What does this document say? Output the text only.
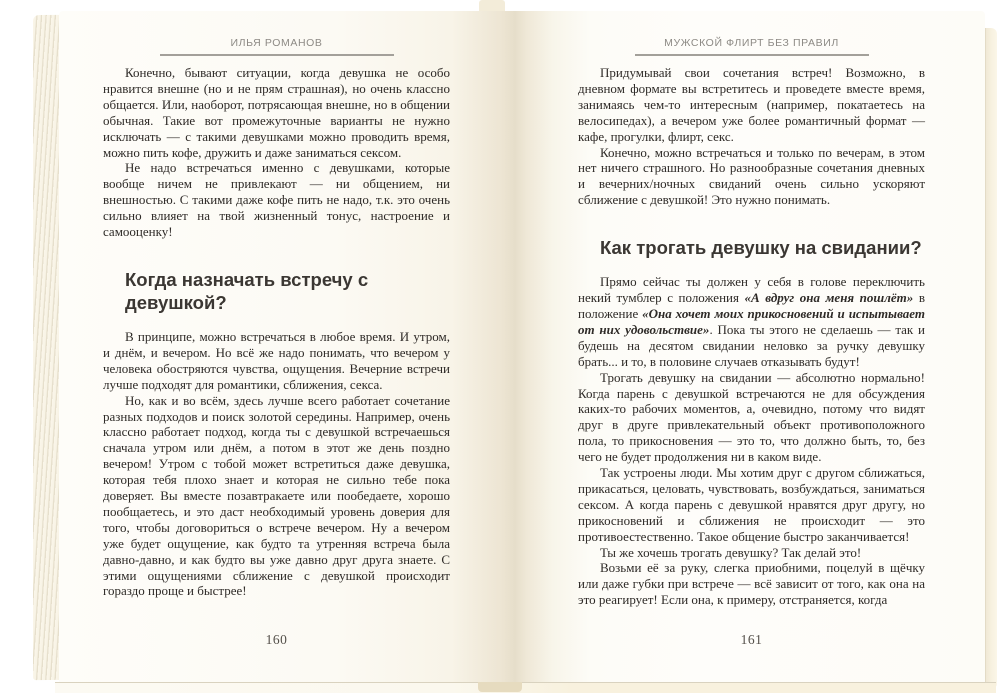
ИЛЬЯ РОМАНОВ

Конечно, бывают ситуации, когда девушка не особо нравится внешне (но и не прям страшная), но очень классно общается. Или, наоборот, потрясающая внешне, но в общении обычная. Такие вот промежуточные варианты не нужно исключать — с такими девушками можно проводить время, можно пить кофе, дружить и даже заниматься сексом.

Не надо встречаться именно с девушками, которые вообще ничем не привлекают — ни общением, ни внешностью. С такими даже кофе пить не надо, т.к. это очень сильно влияет на твой жизненный тонус, настроение и самооценку!

Когда назначать встречу с девушкой?

В принципе, можно встречаться в любое время. И утром, и днём, и вечером. Но всё же надо понимать, что вечером у человека обостряются чувства, ощущения. Вечерние встречи лучше подходят для романтики, сближения, секса.

Но, как и во всём, здесь лучше всего работает сочетание разных подходов и поиск золотой середины. Например, очень классно работает подход, когда ты с девушкой встречаешься сначала утром или днём, а потом в этот же день поздно вечером! Утром с тобой может встретиться даже девушка, которая тебя плохо знает и которая не сильно тебе пока доверяет. Вы вместе позавтракаете или пообедаете, хорошо пообщаетесь, и это даст необходимый уровень доверия для того, чтобы договориться о встрече вечером. Ну а вечером уже будет ощущение, как будто та утренняя встреча была давно-давно, и как будто вы уже давно друг друга знаете. С этими ощущениями сближение с девушкой происходит гораздо проще и быстрее!

160
МУЖСКОЙ ФЛИРТ БЕЗ ПРАВИЛ

Придумывай свои сочетания встреч! Возможно, в дневном формате вы встретитесь и проведете вместе время, занимаясь чем-то интересным (например, покатаетесь на велосипедах), а вечером уже более романтичный формат — кафе, прогулки, флирт, секс.

Конечно, можно встречаться и только по вечерам, в этом нет ничего страшного. Но разнообразные сочетания дневных и вечерних/ночных свиданий очень сильно ускоряют сближение с девушкой! Это нужно понимать.

Как трогать девушку на свидании?

Прямо сейчас ты должен у себя в голове переключить некий тумблер с положения «А вдруг она меня пошлёт» в положение «Она хочет моих прикосновений и испытывает от них удовольствие». Пока ты этого не сделаешь — так и будешь на десятом свидании неловко за ручку девушку брать... и то, в половине случаев отказывать будут!

Трогать девушку на свидании — абсолютно нормально! Когда парень с девушкой встречаются не для обсуждения каких-то рабочих моментов, а, очевидно, потому что видят друг в друге привлекательный объект противоположного пола, то прикосновения — это то, что должно быть, то, без чего не будет продолжения ни в каком виде.

Так устроены люди. Мы хотим друг с другом сближаться, прикасаться, целовать, чувствовать, возбуждаться, заниматься сексом. А когда парень с девушкой нравятся друг другу, но прикосновений и сближения не происходит — это противоестественно. Такое общение быстро заканчивается!

Ты же хочешь трогать девушку? Так делай это!

Возьми её за руку, слегка приобними, поцелуй в щёчку или даже губки при встрече — всё зависит от того, как она на это реагирует! Если она, к примеру, отстраняется, когда

161
